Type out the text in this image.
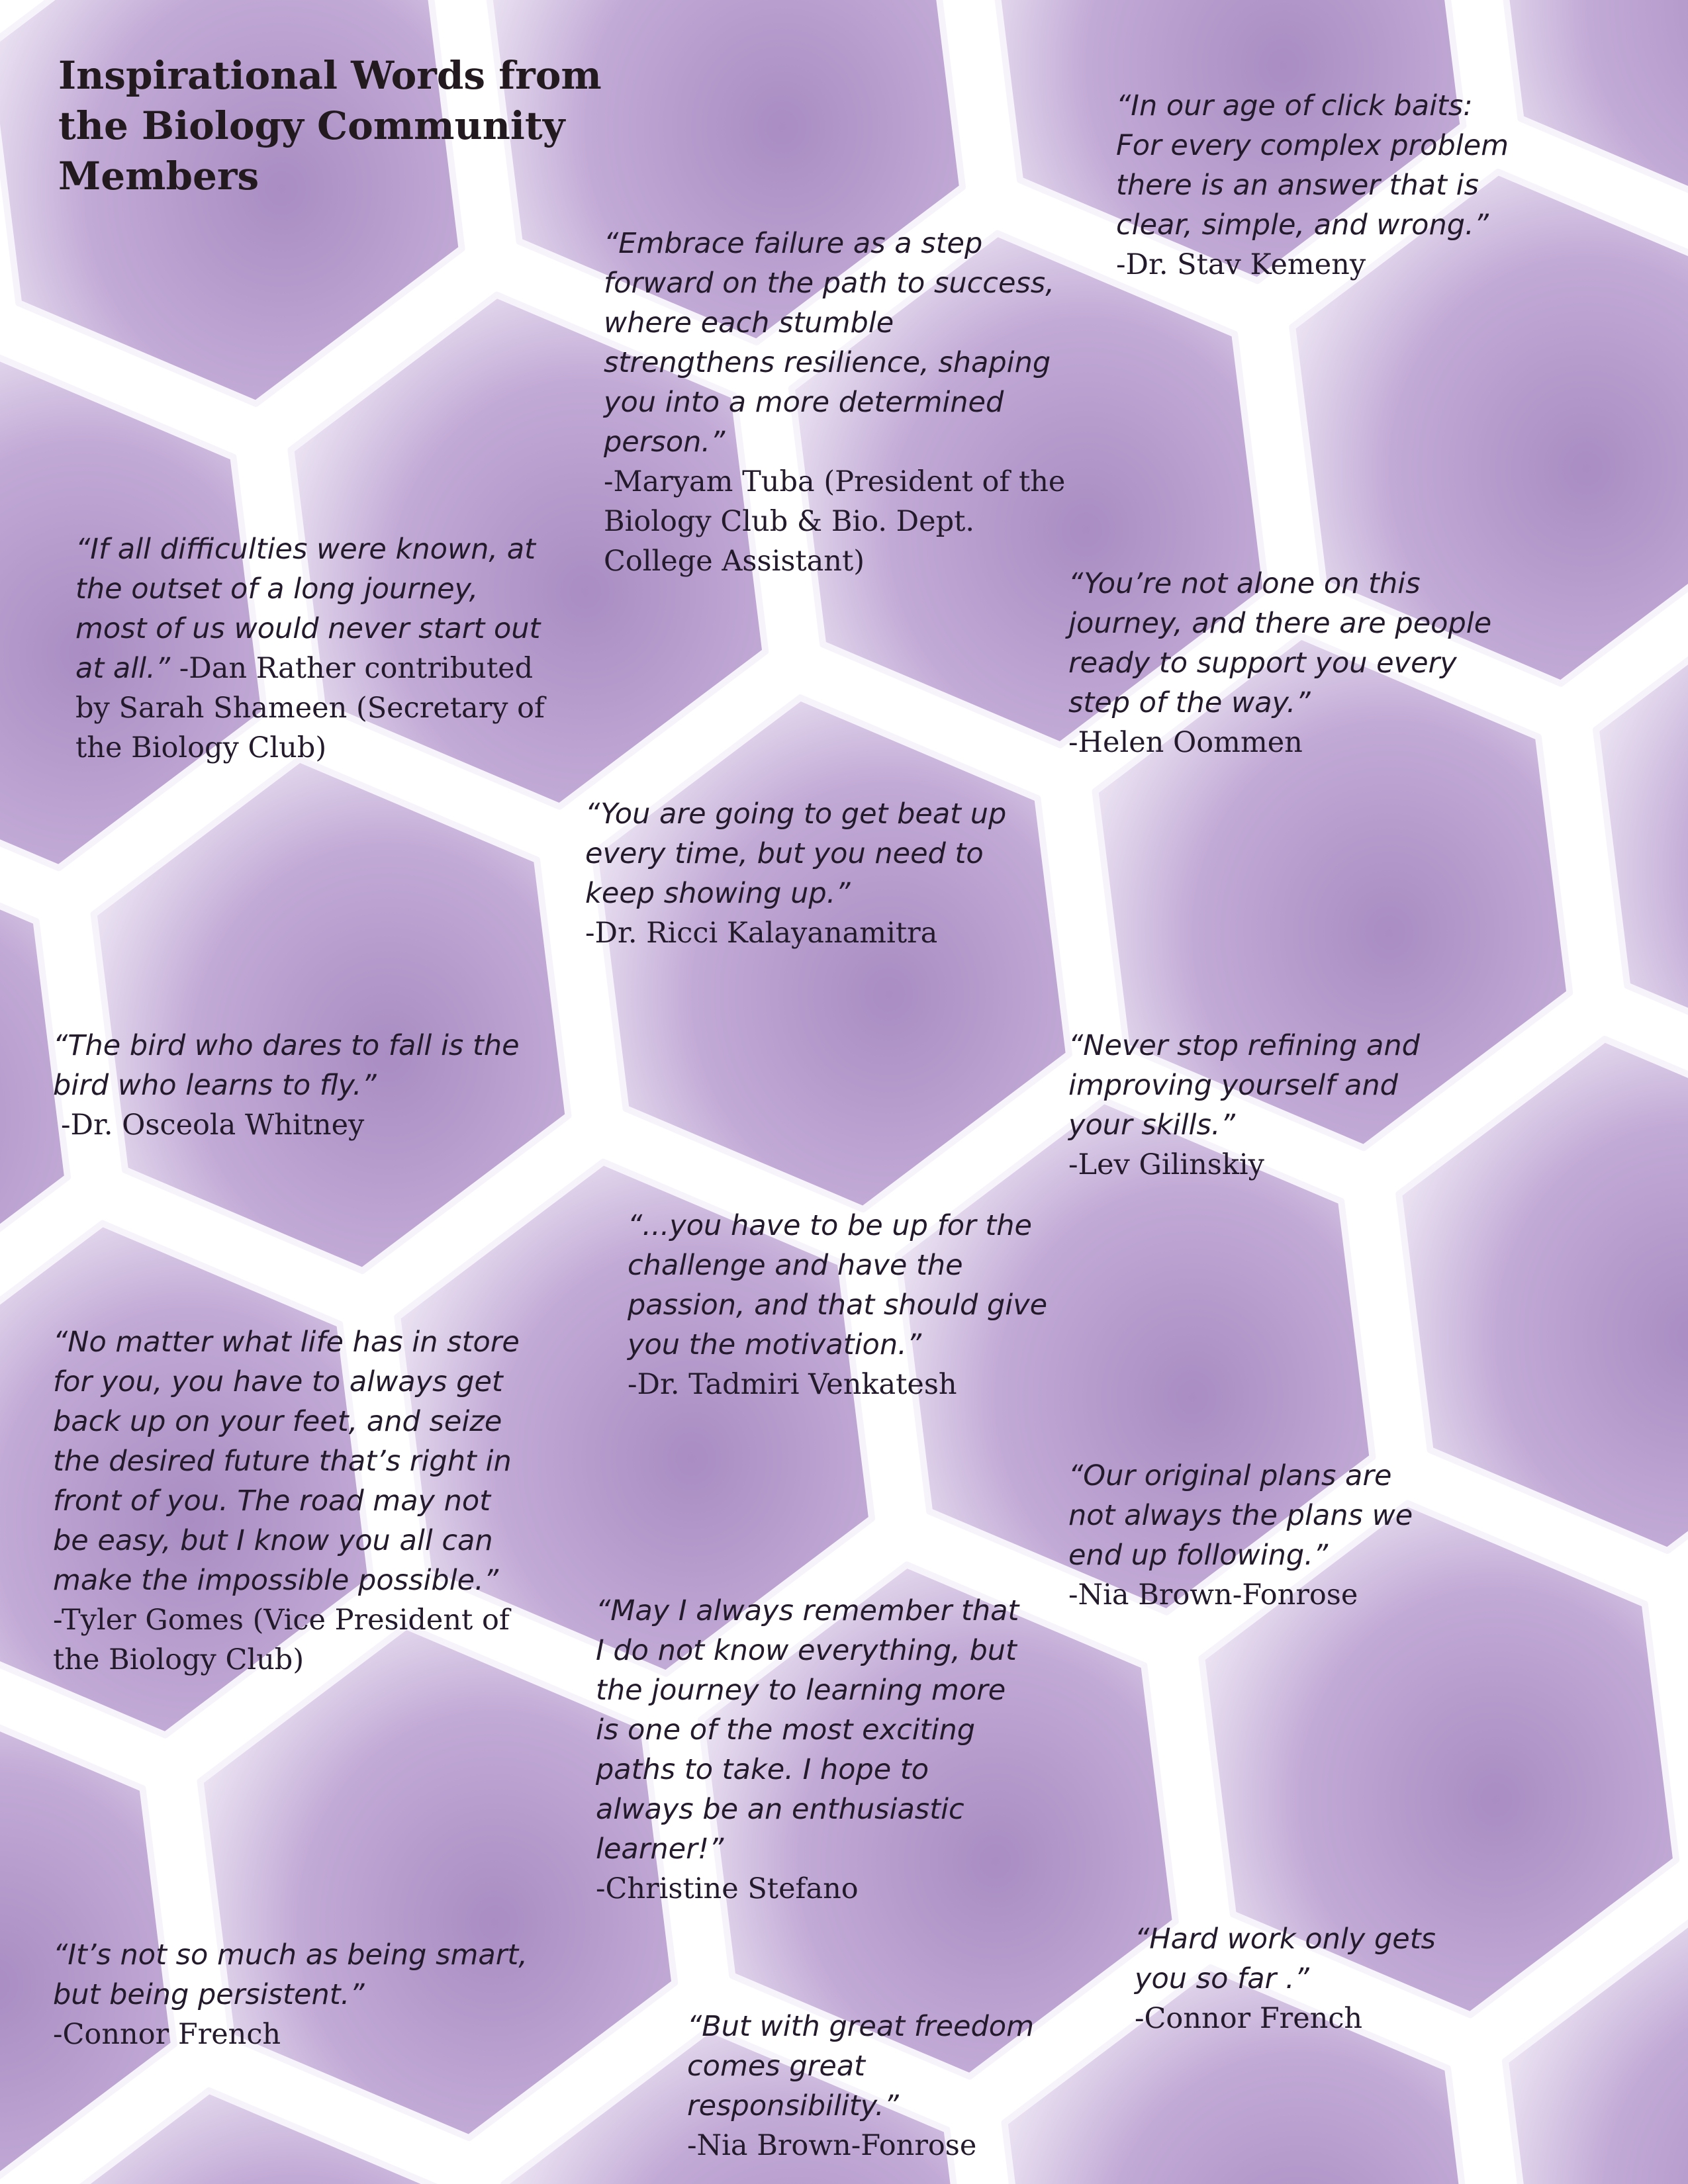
Inspirational Words from the Biology Community Members
“Embrace failure as a step forward on the path to success, where each stumble strengthens resilience, shaping you into a more determined person.”
-Maryam Tuba (President of the Biology Club & Bio. Dept. College Assistant)
“In our age of click baits: For every complex problem there is an answer that is clear, simple, and wrong.”
-Dr. Stav Kemeny
“If all difficulties were known, at the outset of a long journey, most of us would never start out at all.” -Dan Rather contributed by Sarah Shameen (Secretary of the Biology Club)
“You’re not alone on this journey, and there are people ready to support you every step of the way.”
-Helen Oommen
“You are going to get beat up every time, but you need to keep showing up.”
-Dr. Ricci Kalayanamitra
“The bird who dares to fall is the bird who learns to fly.”
-Dr. Osceola Whitney
“Never stop refining and improving yourself and your skills.”
-Lev Gilinskiy
“...you have to be up for the challenge and have the passion, and that should give you the motivation.”
-Dr. Tadmiri Venkatesh
“No matter what life has in store for you, you have to always get back up on your feet, and seize the desired future that’s right in front of you. The road may not be easy, but I know you all can make the impossible possible.”
-Tyler Gomes (Vice President of the Biology Club)
“Our original plans are not always the plans we end up following.”
-Nia Brown-Fonrose
“May I always remember that I do not know everything, but the journey to learning more is one of the most exciting paths to take. I hope to always be an enthusiastic learner!”
-Christine Stefano
“It’s not so much as being smart, but being persistent.”
-Connor French
“Hard work only gets you so far .”
-Connor French
“But with great freedom comes great responsibility.”
-Nia Brown-Fonrose
